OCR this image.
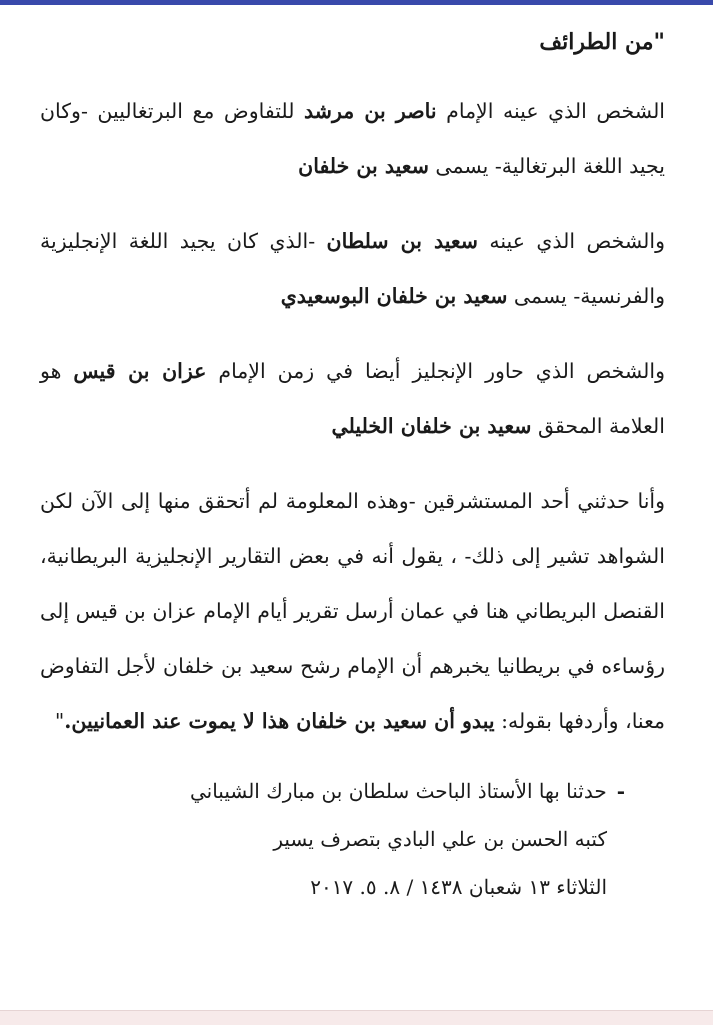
"من الطرائف

الشخص الذي عينه الإمام ناصر بن مرشد للتفاوض مع البرتغاليين -وكان يجيد اللغة البرتغالية- يسمى سعيد بن خلفان

والشخص الذي عينه سعيد بن سلطان -الذي كان يجيد اللغة الإنجليزية والفرنسية- يسمى سعيد بن خلفان البوسعيدي

والشخص الذي حاور الإنجليز أيضا في زمن الإمام عزان بن قيس هو العلامة المحقق سعيد بن خلفان الخليلي

وأنا حدثني أحد المستشرقين -وهذه المعلومة لم أتحقق منها إلى الآن لكن الشواهد تشير إلى ذلك- ، يقول أنه في بعض التقارير الإنجليزية البريطانية، القنصل البريطاني هنا في عمان أرسل تقرير أيام الإمام عزان بن قيس إلى رؤساءه في بريطانيا يخبرهم أن الإمام رشح سعيد بن خلفان لأجل التفاوض معنا، وأردفها بقوله: يبدو أن سعيد بن خلفان هذا لا يموت عند العمانيين."

-
حدثنا بها الأستاذ الباحث سلطان بن مبارك الشيباني
كتبه الحسن بن علي البادي بتصرف يسير
الثلاثاء ١٣ شعبان ١٤٣٨ / ٨. ٥. ٢٠١٧
